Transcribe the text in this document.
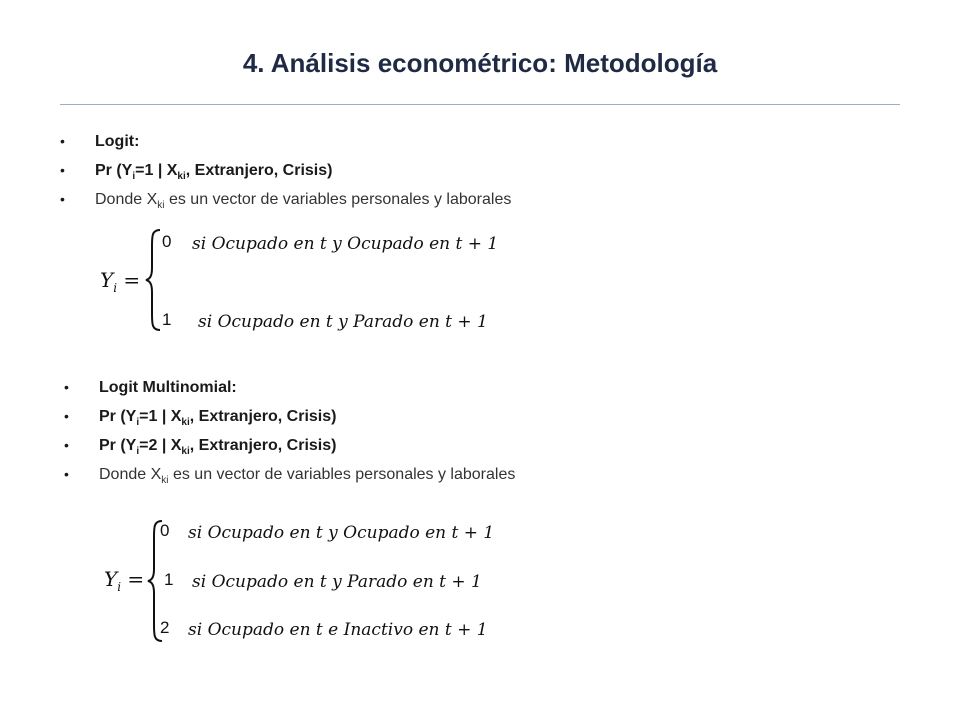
4. Análisis econométrico: Metodología
• Logit:
• Pr ($Y_i=1$ | $X_{ki}$, Extranjero, Crisis)
• Donde $X_{ki}$ es un vector de variables personales y laborales
$Y_i$ =
0 si Ocupado en t y Ocupado en t + 1
1 si Ocupado en t y Parado en t + 1
• Logit Multinomial:
• Pr ($Y_i=1$ | $X_{ki}$, Extranjero, Crisis)
• Pr ($Y_i=2$ | $X_{ki}$, Extranjero, Crisis)
• Donde $X_{ki}$ es un vector de variables personales y laborales
$Y_i$ =
0 si Ocupado en t y Ocupado en t + 1
1 si Ocupado en t y Parado en t + 1
2 si Ocupado en t e Inactivo en t + 1
